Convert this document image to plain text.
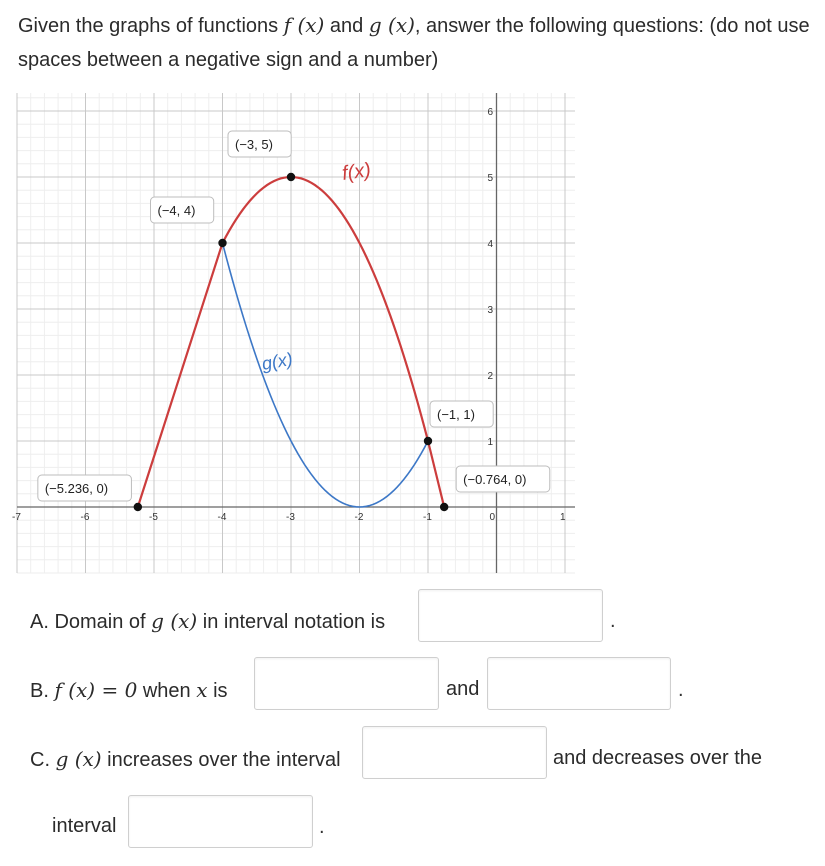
Given the graphs of functions f (x) and g (x), answer the following questions: (do not use spaces between a negative sign and a number)
-7	-6	-5	-4	-3	-2	-1	0	1
1
2
3
4
5
6
(−5.236, 0)
(−4, 4)
(−3, 5)
(−1, 1)
(−0.764, 0)
f(x)
g(x)
A. Domain of g (x) in interval notation is	.
B. f (x) = 0 when x is	and	.
C. g (x) increases over the interval	and decreases over the
interval	.
